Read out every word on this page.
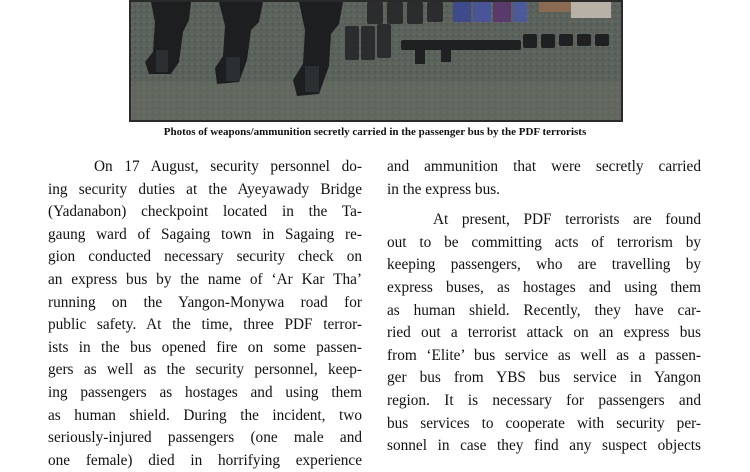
Photos of weapons/ammunition secretly carried in the passenger bus by the PDF terrorists
On 17 August, security personnel do-
ing security duties at the Ayeyawady Bridge
(Yadanabon) checkpoint located in the Ta-
gaung ward of Sagaing town in Sagaing re-
gion conducted necessary security check on
an express bus by the name of ‘Ar Kar Tha’
running on the Yangon-Monywa road for
public safety. At the time, three PDF terror-
ists in the bus opened fire on some passen-
gers as well as the security personnel, keep-
ing passengers as hostages and using them
as human shield. During the incident, two
seriously-injured passengers (one male and
one female) died in horrifying experience
and ammunition that were secretly carried
in the express bus.
At present, PDF terrorists are found
out to be committing acts of terrorism by
keeping passengers, who are travelling by
express buses, as hostages and using them
as human shield. Recently, they have car-
ried out a terrorist attack on an express bus
from ‘Elite’ bus service as well as a passen-
ger bus from YBS bus service in Yangon
region. It is necessary for passengers and
bus services to cooperate with security per-
sonnel in case they find any suspect objects
